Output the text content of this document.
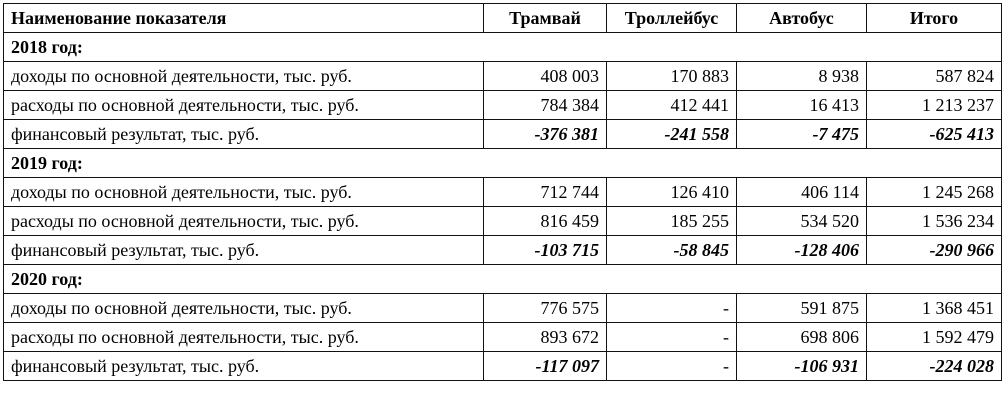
Наименование показателя	Трамвай	Троллейбус	Автобус	Итого
2018 год:				
доходы по основной деятельности, тыс. руб.	408 003	170 883	8 938	587 824
расходы по основной деятельности, тыс. руб.	784 384	412 441	16 413	1 213 237
финансовый результат, тыс. руб.	-376 381	-241 558	-7 475	-625 413
2019 год:				
доходы по основной деятельности, тыс. руб.	712 744	126 410	406 114	1 245 268
расходы по основной деятельности, тыс. руб.	816 459	185 255	534 520	1 536 234
финансовый результат, тыс. руб.	-103 715	-58 845	-128 406	-290 966
2020 год:				
доходы по основной деятельности, тыс. руб.	776 575	-	591 875	1 368 451
расходы по основной деятельности, тыс. руб.	893 672	-	698 806	1 592 479
финансовый результат, тыс. руб.	-117 097	-	-106 931	-224 028
